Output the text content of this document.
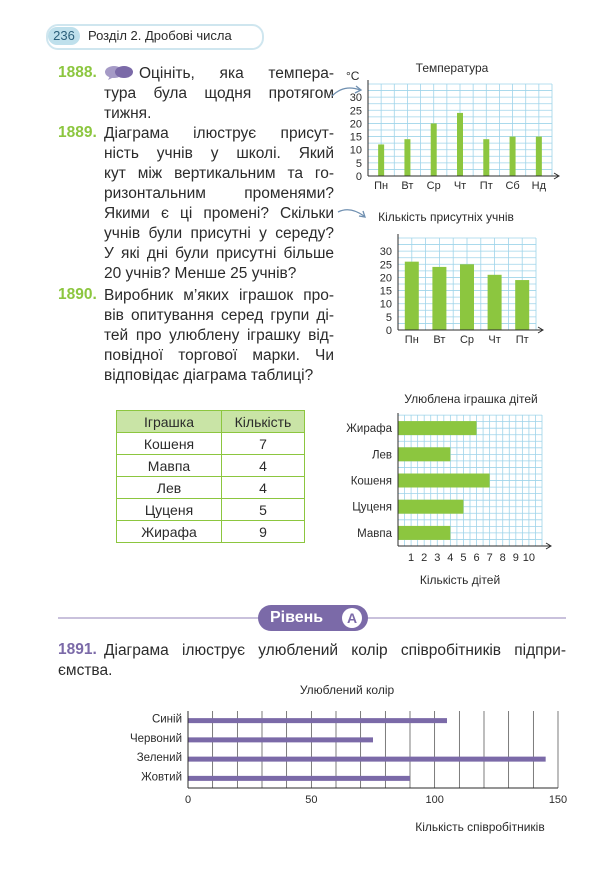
236	Розділ 2. Дробові числа
1888.	Оцініть, яка темпера-
тура була щодня протягом
тижня.
1889. Діаграма ілюструє присут-
ність учнів у школі. Який
кут між вертикальним та го-
ризонтальним променями?
Якими є ці промені? Скільки
учнів були присутні у середу?
У які дні були присутні більше
20 учнів? Менше 25 учнів?
1890. Виробник м’яких іграшок про-
вів опитування серед групи ді-
тей про улюблену іграшку від-
повідної торгової марки. Чи
відповідає діаграма таблиці?
Температура
°С
Пн Вт Ср Чт Пт Сб Нд
0
5
10
15
20
25
30
Кількість присутніх учнів
Пн Вт Ср Чт Пт
0
5
10
15
20
25
30
Іграшка	Кількість
Кошеня	7
Мавпа	4
Лев	4
Цуценя	5
Жирафа	9
Улюблена іграшка дітей
Кількість дітей
Жирафа
Лев
Кошеня
Цуценя
Мавпа
1 2 3 4 5 6 7 8 9 10
Рівень	А
1891. Діаграма ілюструє улюблений колір співробітників підпри-
ємства.
Улюблений колір
Кількість співробітників
Синій
Червоний
Зелений
Жовтий
0	50	100	150
